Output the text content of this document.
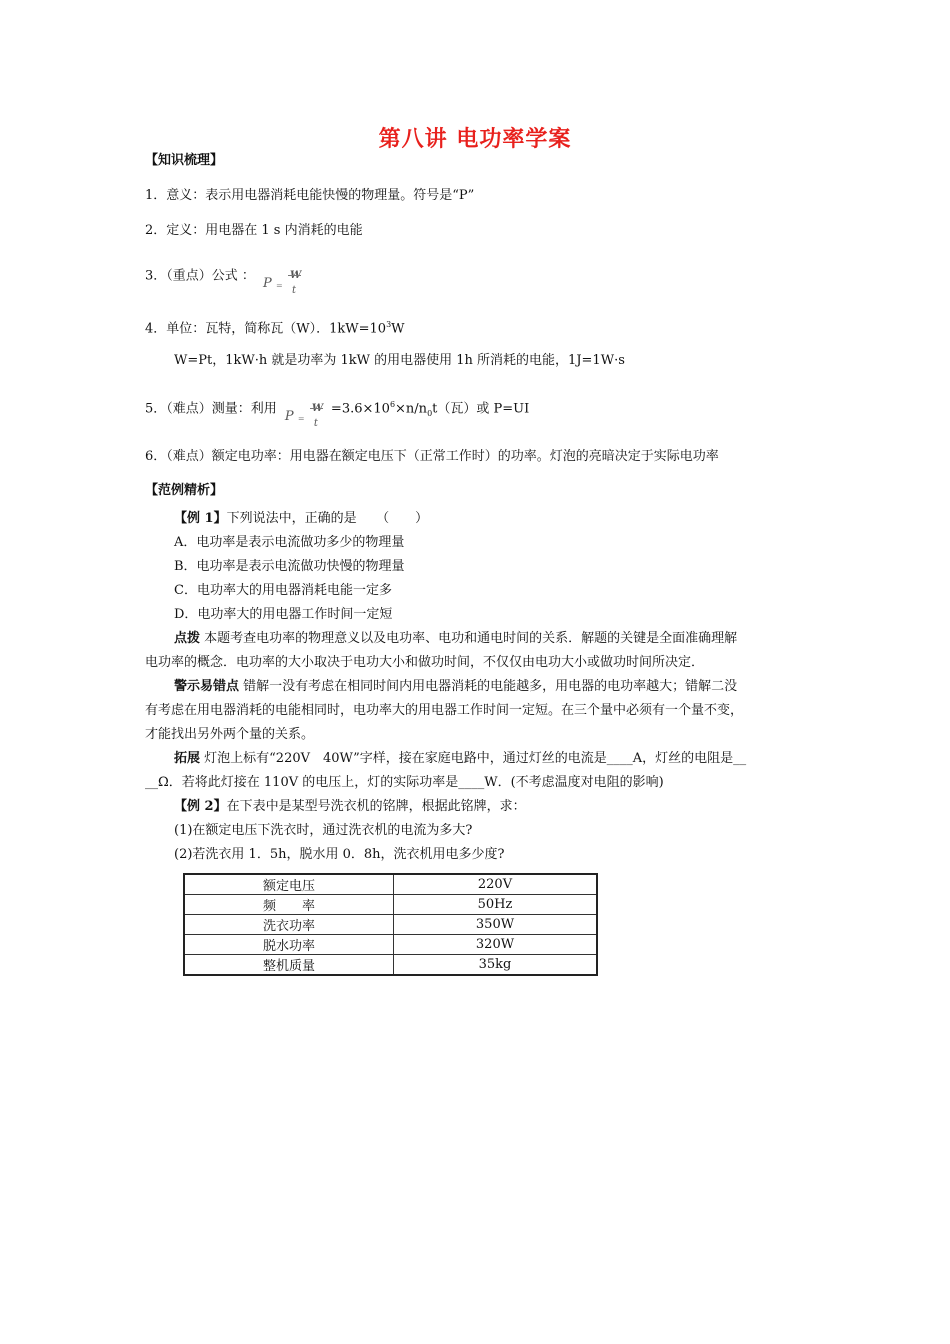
第八讲 电功率学案
【知识梳理】
1．意义：表示用电器消耗电能快慢的物理量。符号是“P”
2．定义：用电器在 1 s 内消耗的电能
3．（重点）公式 ： P = t
4．单位：瓦特，简称瓦（W）．$1kW=10^3W$
W=Pt，1kW·h 就是功率为 1kW 的用电器使用 1h 所消耗的电能，1J=1W·s
5．（难点）测量：利用 P = t
$=3.6\times 10^6\times n/n_0t$（瓦）或 P=UI
6．（难点）额定电功率：用电器在额定电压下（正常工作时）的功率。灯泡的亮暗决定于实际电功率
【范例精析】
【例 1】下列说法中，正确的是　　（　　）
A．电功率是表示电流做功多少的物理量
B．电功率是表示电流做功快慢的物理量
C．电功率大的用电器消耗电能一定多
D．电功率大的用电器工作时间一定短
点拨 本题考查电功率的物理意义以及电功率、电功和通电时间的关系．解题的关键是全面准确理解
电功率的概念．电功率的大小取决于电功大小和做功时间，不仅仅由电功大小或做功时间所决定．
警示易错点 错解一没有考虑在相同时间内用电器消耗的电能越多，用电器的电功率越大；错解二没
有考虑在用电器消耗的电能相同时，电功率大的用电器工作时间一定短。在三个量中必须有一个量不变，
才能找出另外两个量的关系。
拓展 灯泡上标有“220V　40W”字样，接在家庭电路中，通过灯丝的电流是____A，灯丝的电阻是__
__Ω．若将此灯接在 110V 的电压上，灯的实际功率是____W．(不考虑温度对电阻的影响)
【例 2】在下表中是某型号洗衣机的铭牌，根据此铭牌，求：
(1)在额定电压下洗衣时，通过洗衣机的电流为多大?
(2)若洗衣用 1．5h，脱水用 0．8h，洗衣机用电多少度?
额定电压	220V
频　　率	50Hz
洗衣功率	350W
脱水功率	320W
整机质量	35kg
